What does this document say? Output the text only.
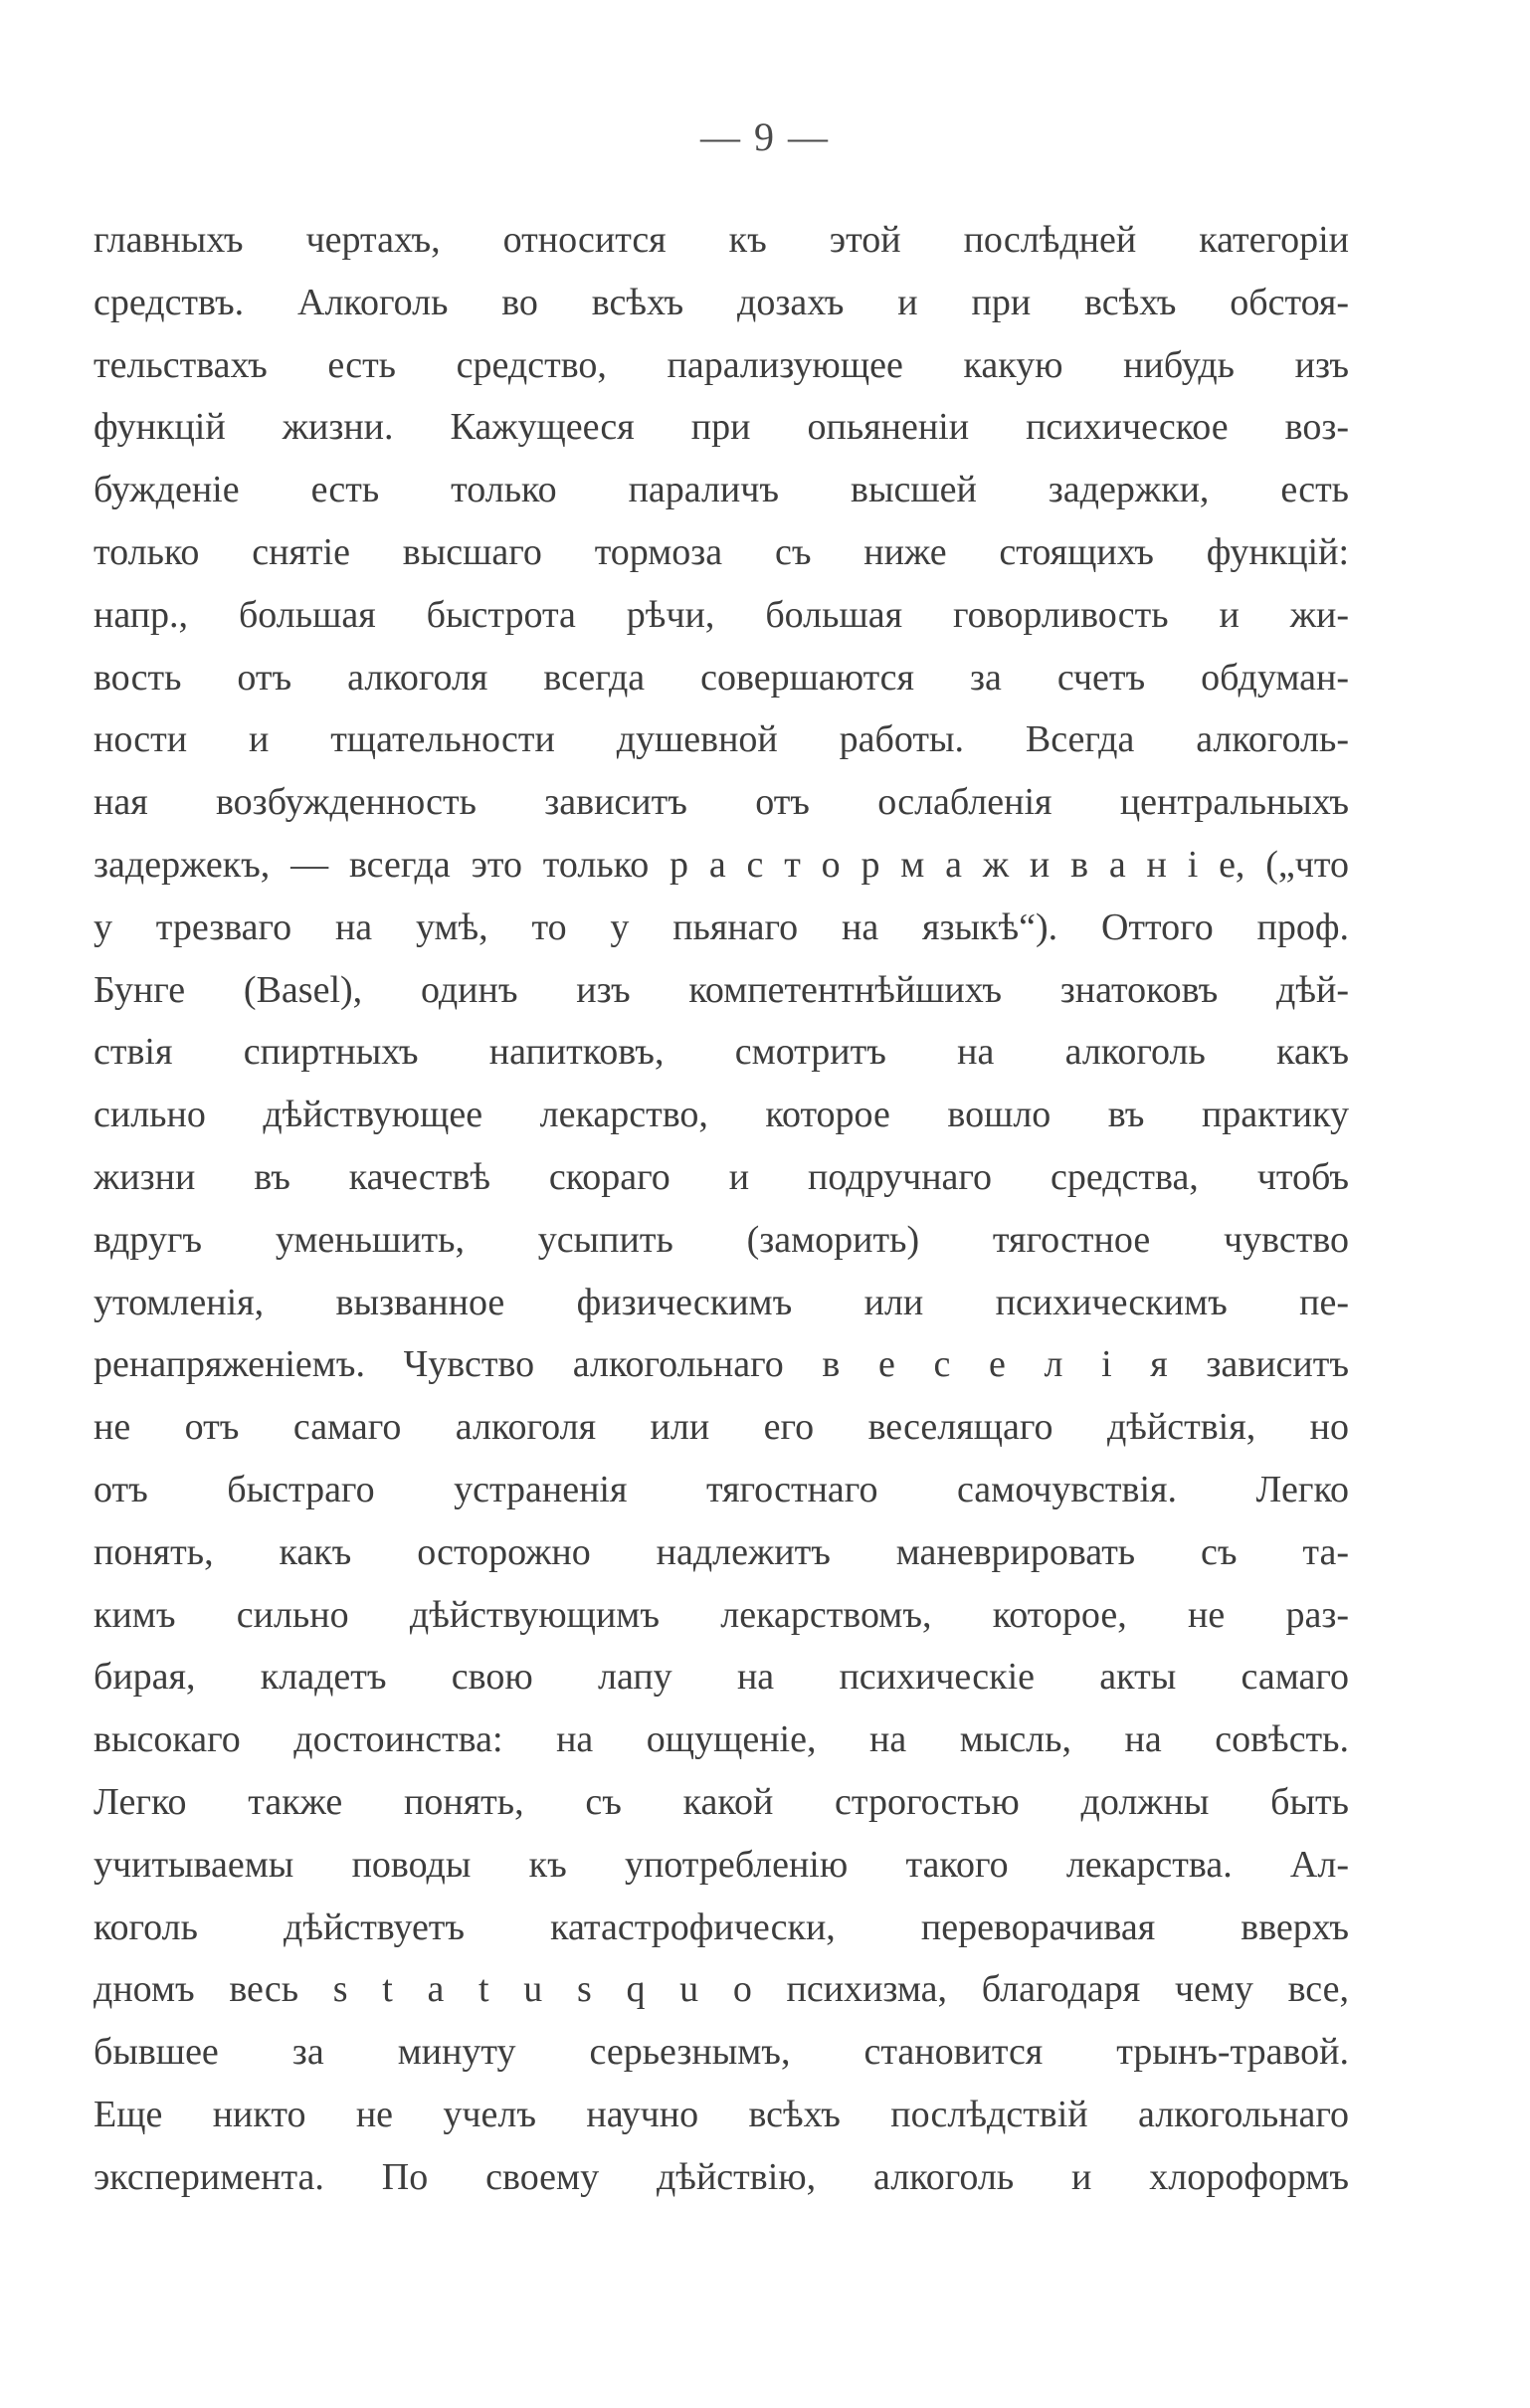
— 9 —
главныхъ чертахъ, относится къ этой послѣдней категоріи
средствъ. Алкоголь во всѣхъ дозахъ и при всѣхъ обстоя-
тельствахъ есть средство, парализующее какую нибудь изъ
функцій жизни. Кажущееся при опьяненіи психическое воз-
бужденіе есть только параличъ высшей задержки, есть
только снятіе высшаго тормоза съ ниже стоящихъ функцій:
напр., большая быстрота рѣчи, большая говорливость и жи-
вость отъ алкоголя всегда совершаются за счетъ обдуман-
ности и тщательности душевной работы. Всегда алкоголь-
ная возбужденность зависитъ отъ ослабленія центральныхъ
задержекъ, — всегда это только р а с т о р м а ж и в а н і е, („что
у трезваго на умѣ, то у пьянаго на языкѣ“). Оттого проф.
Бунге (Basel), одинъ изъ компетентнѣйшихъ знатоковъ дѣй-
ствія спиртныхъ напитковъ, смотритъ на алкоголь какъ
сильно дѣйствующее лекарство, которое вошло въ практику
жизни въ качествѣ скораго и подручнаго средства, чтобъ
вдругъ уменьшить, усыпить (заморить) тягостное чувство
утомленія, вызванное физическимъ или психическимъ пе-
ренапряженіемъ. Чувство алкогольнаго в е с е л і я зависитъ
не отъ самаго алкоголя или его веселящаго дѣйствія, но
отъ быстраго устраненія тягостнаго самочувствія. Легко
понять, какъ осторожно надлежитъ маневрировать съ та-
кимъ сильно дѣйствующимъ лекарствомъ, которое, не раз-
бирая, кладетъ свою лапу на психическіе акты самаго
высокаго достоинства: на ощущеніе, на мысль, на совѣсть.
Легко также понять, съ какой строгостью должны быть
учитываемы поводы къ употребленію такого лекарства. Ал-
коголь дѣйствуетъ катастрофически, переворачивая вверхъ
дномъ весь s t a t u s q u o психизма, благодаря чему все,
бывшее за минуту серьезнымъ, становится трынъ-травой.
Еще никто не учелъ научно всѣхъ послѣдствій алкогольнаго
эксперимента. По своему дѣйствію, алкоголь и хлороформъ
